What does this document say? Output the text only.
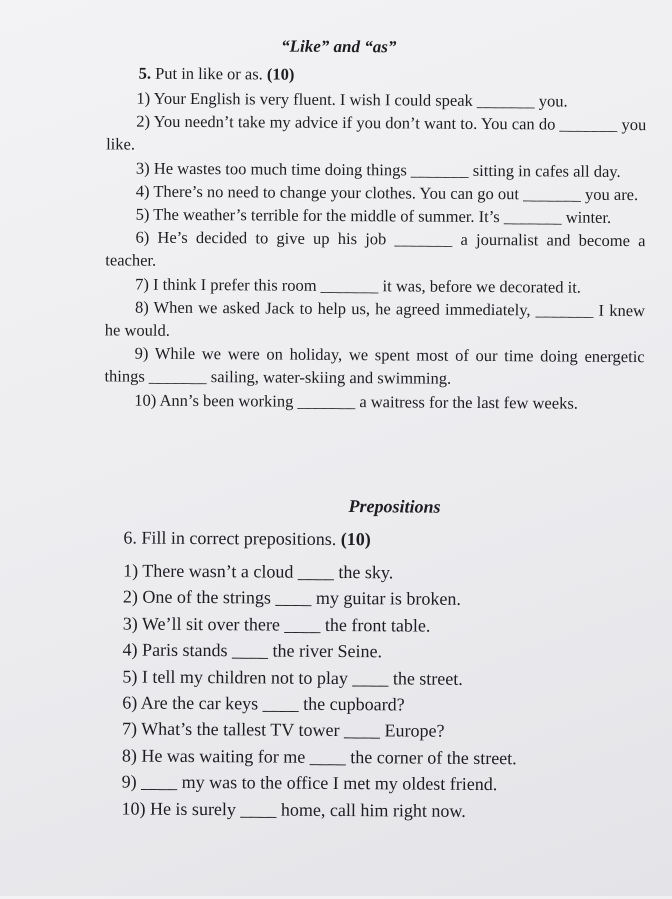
“Like” and “as”
5. Put in like or as. (10)
1) Your English is very fluent. I wish I could speak _______ you.
2) You needn’t take my advice if you don’t want to. You can do _______ you like.
3) He wastes too much time doing things _______ sitting in cafes all day.
4) There’s no need to change your clothes. You can go out _______ you are.
5) The weather’s terrible for the middle of summer. It’s _______ winter.
6) He’s decided to give up his job _______ a journalist and become a teacher.
7) I think I prefer this room _______ it was, before we decorated it.
8) When we asked Jack to help us, he agreed immediately, _______ I knew he would.
9) While we were on holiday, we spent most of our time doing energetic things _______ sailing, water-skiing and swimming.
10) Ann’s been working _______ a waitress for the last few weeks.
Prepositions
6. Fill in correct prepositions. (10)
1) There wasn’t a cloud ____ the sky.
2) One of the strings ____ my guitar is broken.
3) We’ll sit over there ____ the front table.
4) Paris stands ____ the river Seine.
5) I tell my children not to play ____ the street.
6) Are the car keys ____ the cupboard?
7) What’s the tallest TV tower ____ Europe?
8) He was waiting for me ____ the corner of the street.
9) ____ my was to the office I met my oldest friend.
10) He is surely ____ home, call him right now.
